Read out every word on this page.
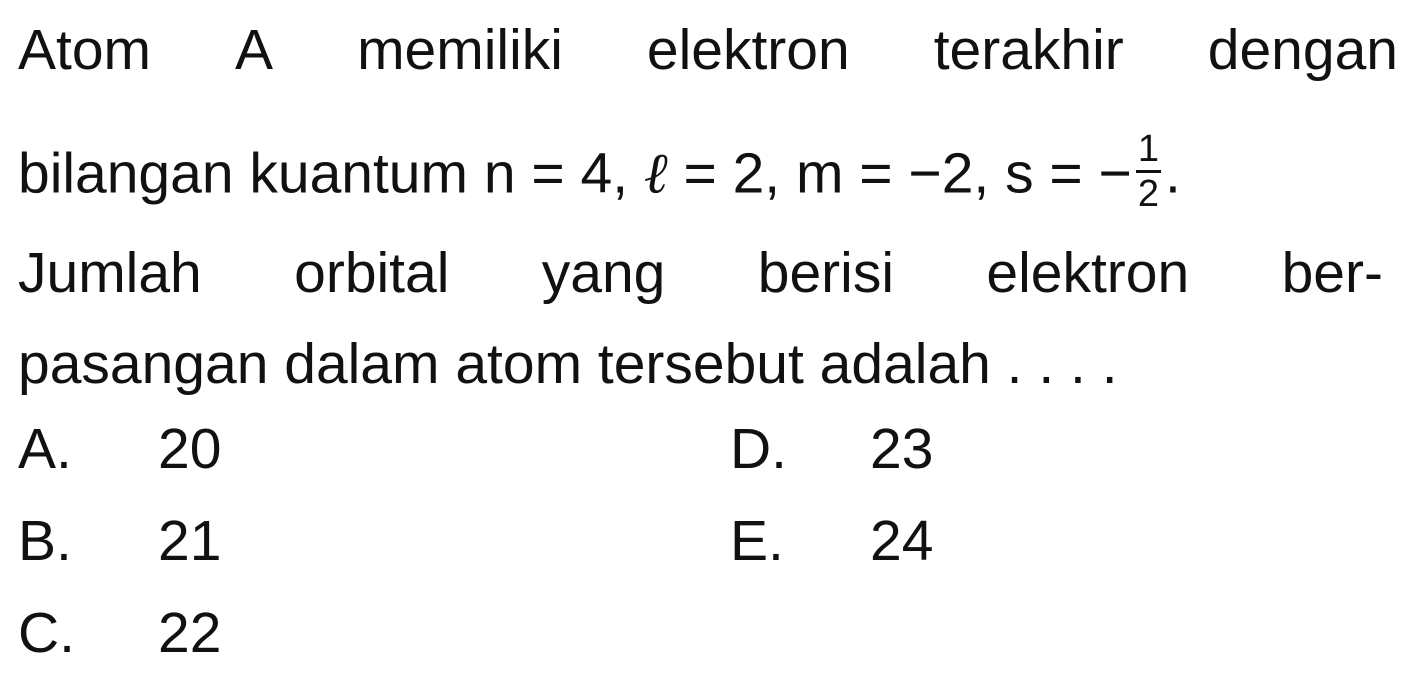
Atom A memiliki elektron terakhir dengan
bilangan kuantum n = 4, ℓ = 2, m = −2, s = − $\frac{1}{2}$ .
Jumlah orbital yang berisi elektron ber-
pasangan dalam atom tersebut adalah . . . .
A.	20
B.	21
C.	22
D.	23
E.	24
